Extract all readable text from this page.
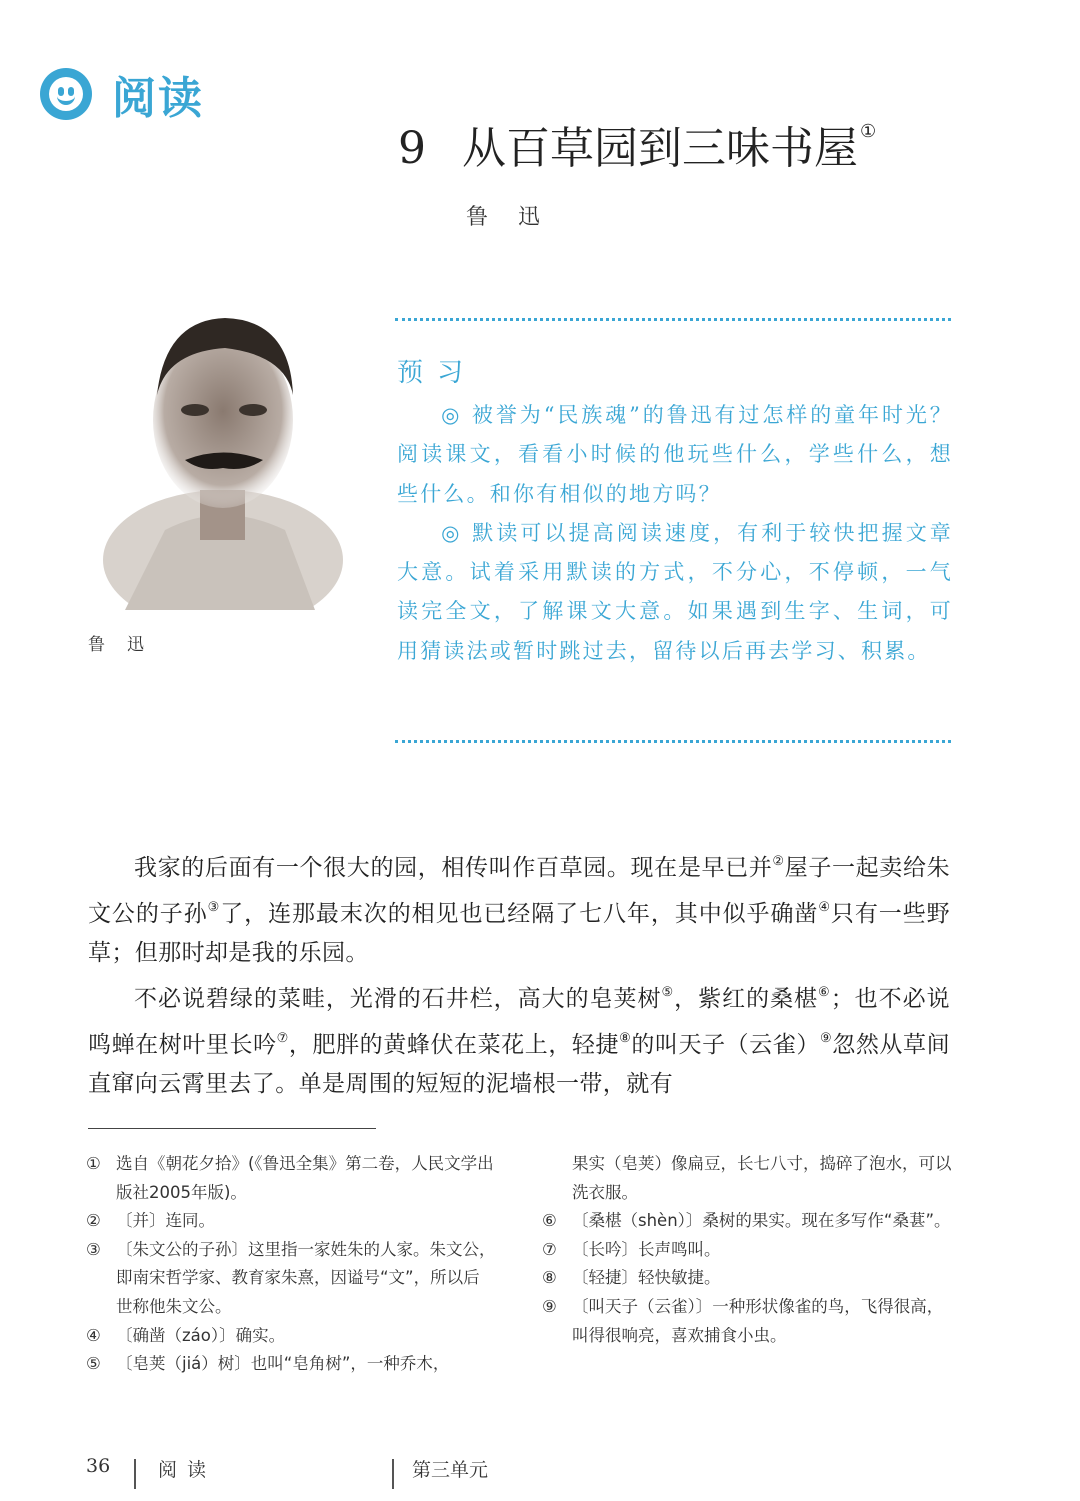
阅读
9 从百草园到三味书屋 ①
鲁迅
鲁迅
预习

◎ 被誉为“民族魂”的鲁迅有过怎样的童年时光？阅读课文，看看小时候的他玩些什么，学些什么，想些什么。和你有相似的地方吗？

◎ 默读可以提高阅读速度，有利于较快把握文章大意。试着采用默读的方式，不分心，不停顿，一气读完全文，了解课文大意。如果遇到生字、生词，可用猜读法或暂时跳过去，留待以后再去学习、积累。

我家的后面有一个很大的园，相传叫作百草园。现在是早已并②屋子一起卖给朱文公的子孙③了，连那最末次的相见也已经隔了七八年，其中似乎确凿④只有一些野草；但那时却是我的乐园。

不必说碧绿的菜畦，光滑的石井栏，高大的皂荚树⑤，紫红的桑椹⑥；也不必说鸣蝉在树叶里长吟⑦，肥胖的黄蜂伏在菜花上，轻捷⑧的叫天子（云雀）⑨忽然从草间直窜向云霄里去了。单是周围的短短的泥墙根一带，就有

① 选自《朝花夕拾》(《鲁迅全集》第二卷，人民文学出版社2005年版)。
② 〔并〕连同。
③ 〔朱文公的子孙〕这里指一家姓朱的人家。朱文公，即南宋哲学家、教育家朱熹，因谥号“文”，所以后世称他朱文公。
④ 〔确凿（záo）〕确实。
⑤ 〔皂荚（jiá）树〕也叫“皂角树”，一种乔木，
果实（皂荚）像扁豆，长七八寸，捣碎了泡水，可以洗衣服。
⑥ 〔桑椹（shèn）〕桑树的果实。现在多写作“桑葚”。
⑦ 〔长吟〕长声鸣叫。
⑧ 〔轻捷〕轻快敏捷。
⑨ 〔叫天子（云雀）〕一种形状像雀的鸟，飞得很高，叫得很响亮，喜欢捕食小虫。
36	阅读	第三单元
